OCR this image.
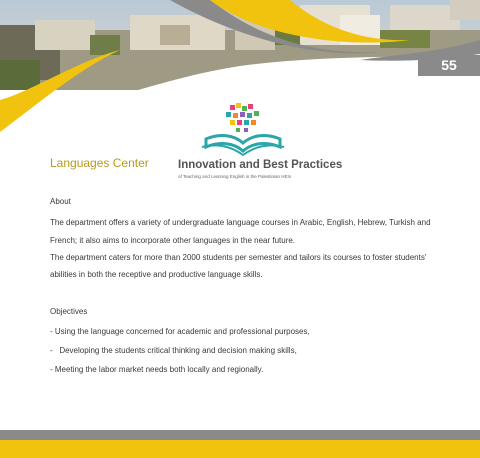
55
Languages Center	Innovation and Best Practices
of Teaching and Learning English in the Palestinian HEIs
About
The department offers a variety of undergraduate language courses in Arabic, English, Hebrew, Turkish and
French; it also aims to incorporate other languages in the near future.
The department caters for more than 2000 students per semester and tailors its courses to foster students'
abilities in both the receptive and productive language skills.
Objectives
- Using the language concerned for academic and professional purposes,
-   Developing the students critical thinking and decision making skills,
- Meeting the labor market needs both locally and regionally.
